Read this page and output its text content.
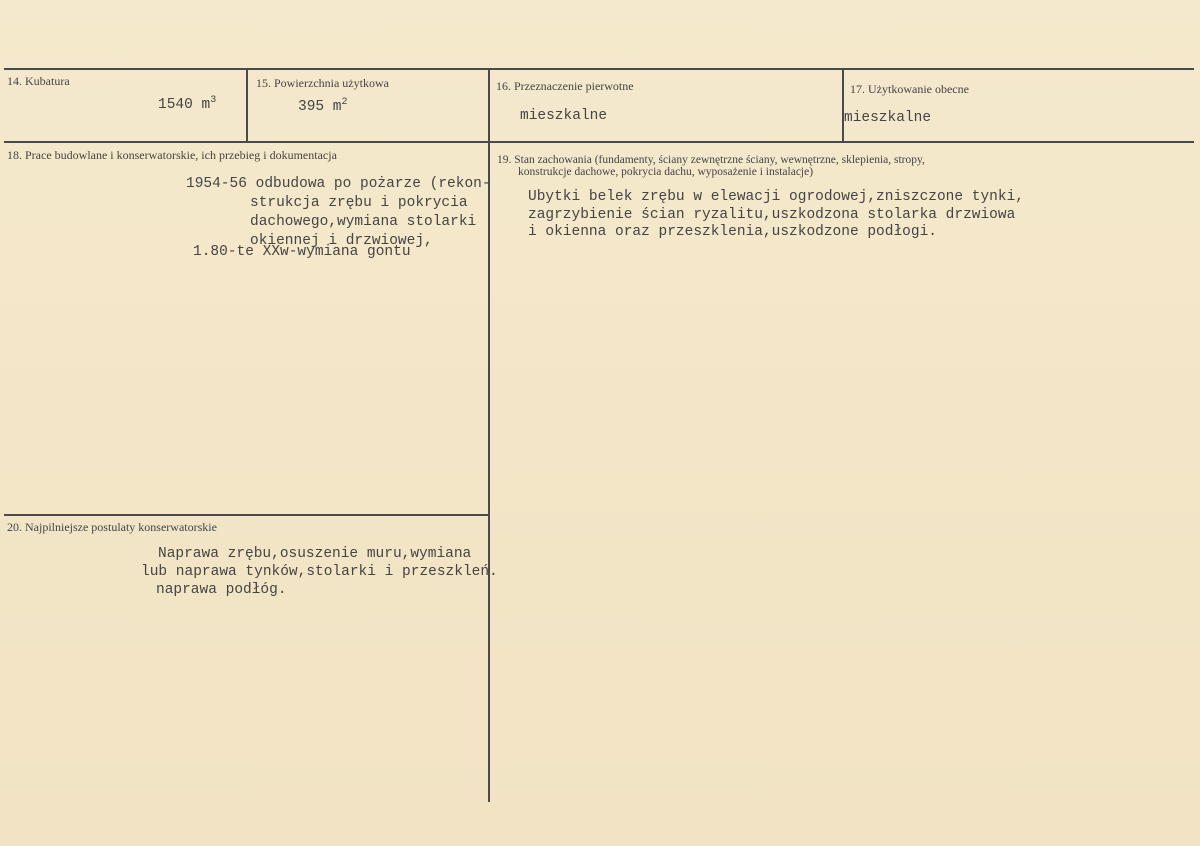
14. Kubatura
1540 $m^3$
15. Powierzchnia użytkowa
395 $m^2$
16. Przeznaczenie pierwotne
mieszkalne
17. Użytkowanie obecne
mieszkalne
18. Prace budowlane i konserwatorskie, ich przebieg i dokumentacja
1954-56 odbudowa po pożarze (rekon-
strukcja zrębu i pokrycia
dachowego,wymiana stolarki
okiennej i drzwiowej,
1.80-te XXw-wymiana gontu
19. Stan zachowania (fundamenty, ściany zewnętrzne ściany, wewnętrzne, sklepienia, stropy,
konstrukcje dachowe, pokrycia dachu, wyposażenie i instalacje)
Ubytki belek zrębu w elewacji ogrodowej,zniszczone tynki,
zagrzybienie ścian ryzalitu,uszkodzona stolarka drzwiowa
i okienna oraz przeszklenia,uszkodzone podłogi.
20. Najpilniejsze postulaty konserwatorskie
Naprawa zrębu,osuszenie muru,wymiana
lub naprawa tynków,stolarki i przeszkleń.
naprawa podłóg.
